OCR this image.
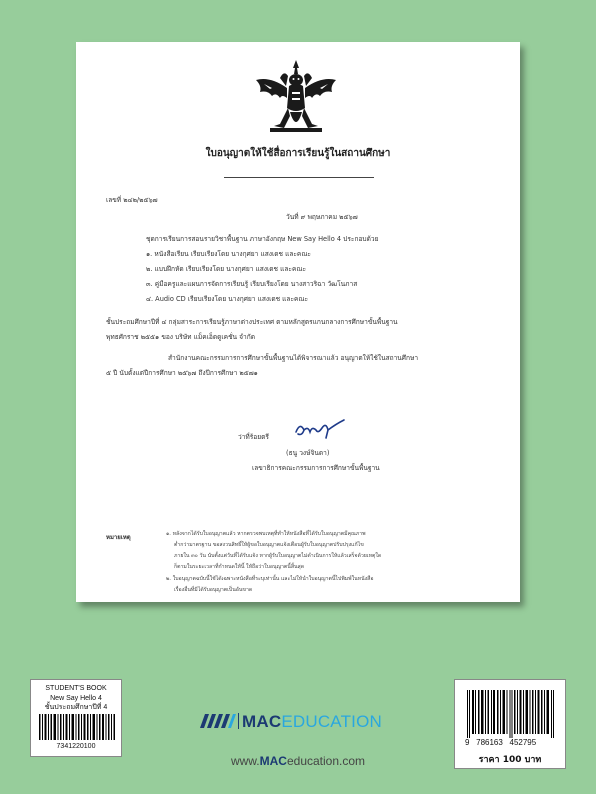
ใบอนุญาตให้ใช้สื่อการเรียนรู้ในสถานศึกษา
เลขที่ ๒๔๒/๒๕๖๗
วันที่ ๙ พฤษภาคม ๒๕๖๗
ชุดการเรียนการสอนรายวิชาพื้นฐาน ภาษาอังกฤษ New Say Hello 4 ประกอบด้วย
๑. หนังสือเรียน เรียบเรียงโดย นางกุศยา แสงเดช และคณะ
๒. แบบฝึกหัด เรียบเรียงโดย นางกุศยา แสงเดช และคณะ
๓. คู่มือครูและแผนการจัดการเรียนรู้ เรียบเรียงโดย นางสาวริฉา วัฒโนภาส
๔. Audio CD เรียบเรียงโดย นางกุศยา แสงเดช และคณะ
ชั้นประถมศึกษาปีที่ ๔ กลุ่มสาระการเรียนรู้ภาษาต่างประเทศ ตามหลักสูตรแกนกลางการศึกษาขั้นพื้นฐาน
พุทธศักราช ๒๕๕๑ ของ บริษัท แม็คเอ็ดดูเคชั่น จำกัด
สำนักงานคณะกรรมการการศึกษาขั้นพื้นฐานได้พิจารณาแล้ว อนุญาตให้ใช้ในสถานศึกษา
๕ ปี นับตั้งแต่ปีการศึกษา ๒๕๖๗ ถึงปีการศึกษา ๒๕๗๑
ว่าที่ร้อยตรี
(ธนู วงษ์จินดา)
เลขาธิการคณะกรรมการการศึกษาขั้นพื้นฐาน
หมายเหตุ	๑. หลังจากได้รับใบอนุญาตแล้ว หากตรวจพบเหตุที่ทำให้หนังสือที่ได้รับใบอนุญาตมีคุณภาพ
ต่ำกว่ามาตรฐาน ขอสงวนสิทธิ์ให้ผู้ขอใบอนุญาตแจ้งเตือนผู้รับใบอนุญาตปรับปรุงแก้ไข
ภายใน ๓๐ วัน นับตั้งแต่วันที่ได้รับแจ้ง หากผู้รับใบอนุญาตไม่ดำเนินการให้แล้วเสร็จด้วยเหตุใด
ก็ตามในระยะเวลาที่กำหนดให้นี้ ให้ถือว่าใบอนุญาตนี้สิ้นสุด
๒. ใบอนุญาตฉบับนี้ใช้ได้เฉพาะหนังสือที่ระบุเท่านั้น และไม่ให้นำใบอนุญาตนี้ไปพิมพ์ในหนังสือ
เรื่องอื่นที่มิได้รับอนุญาตเป็นอันขาด
STUDENT'S BOOK
New Say Hello 4
ชั้นประถมศึกษาปีที่ 4
7341220100
MACEDUCATION
www.MACeducation.com
9 786163 452795
ราคา 100 บาท
